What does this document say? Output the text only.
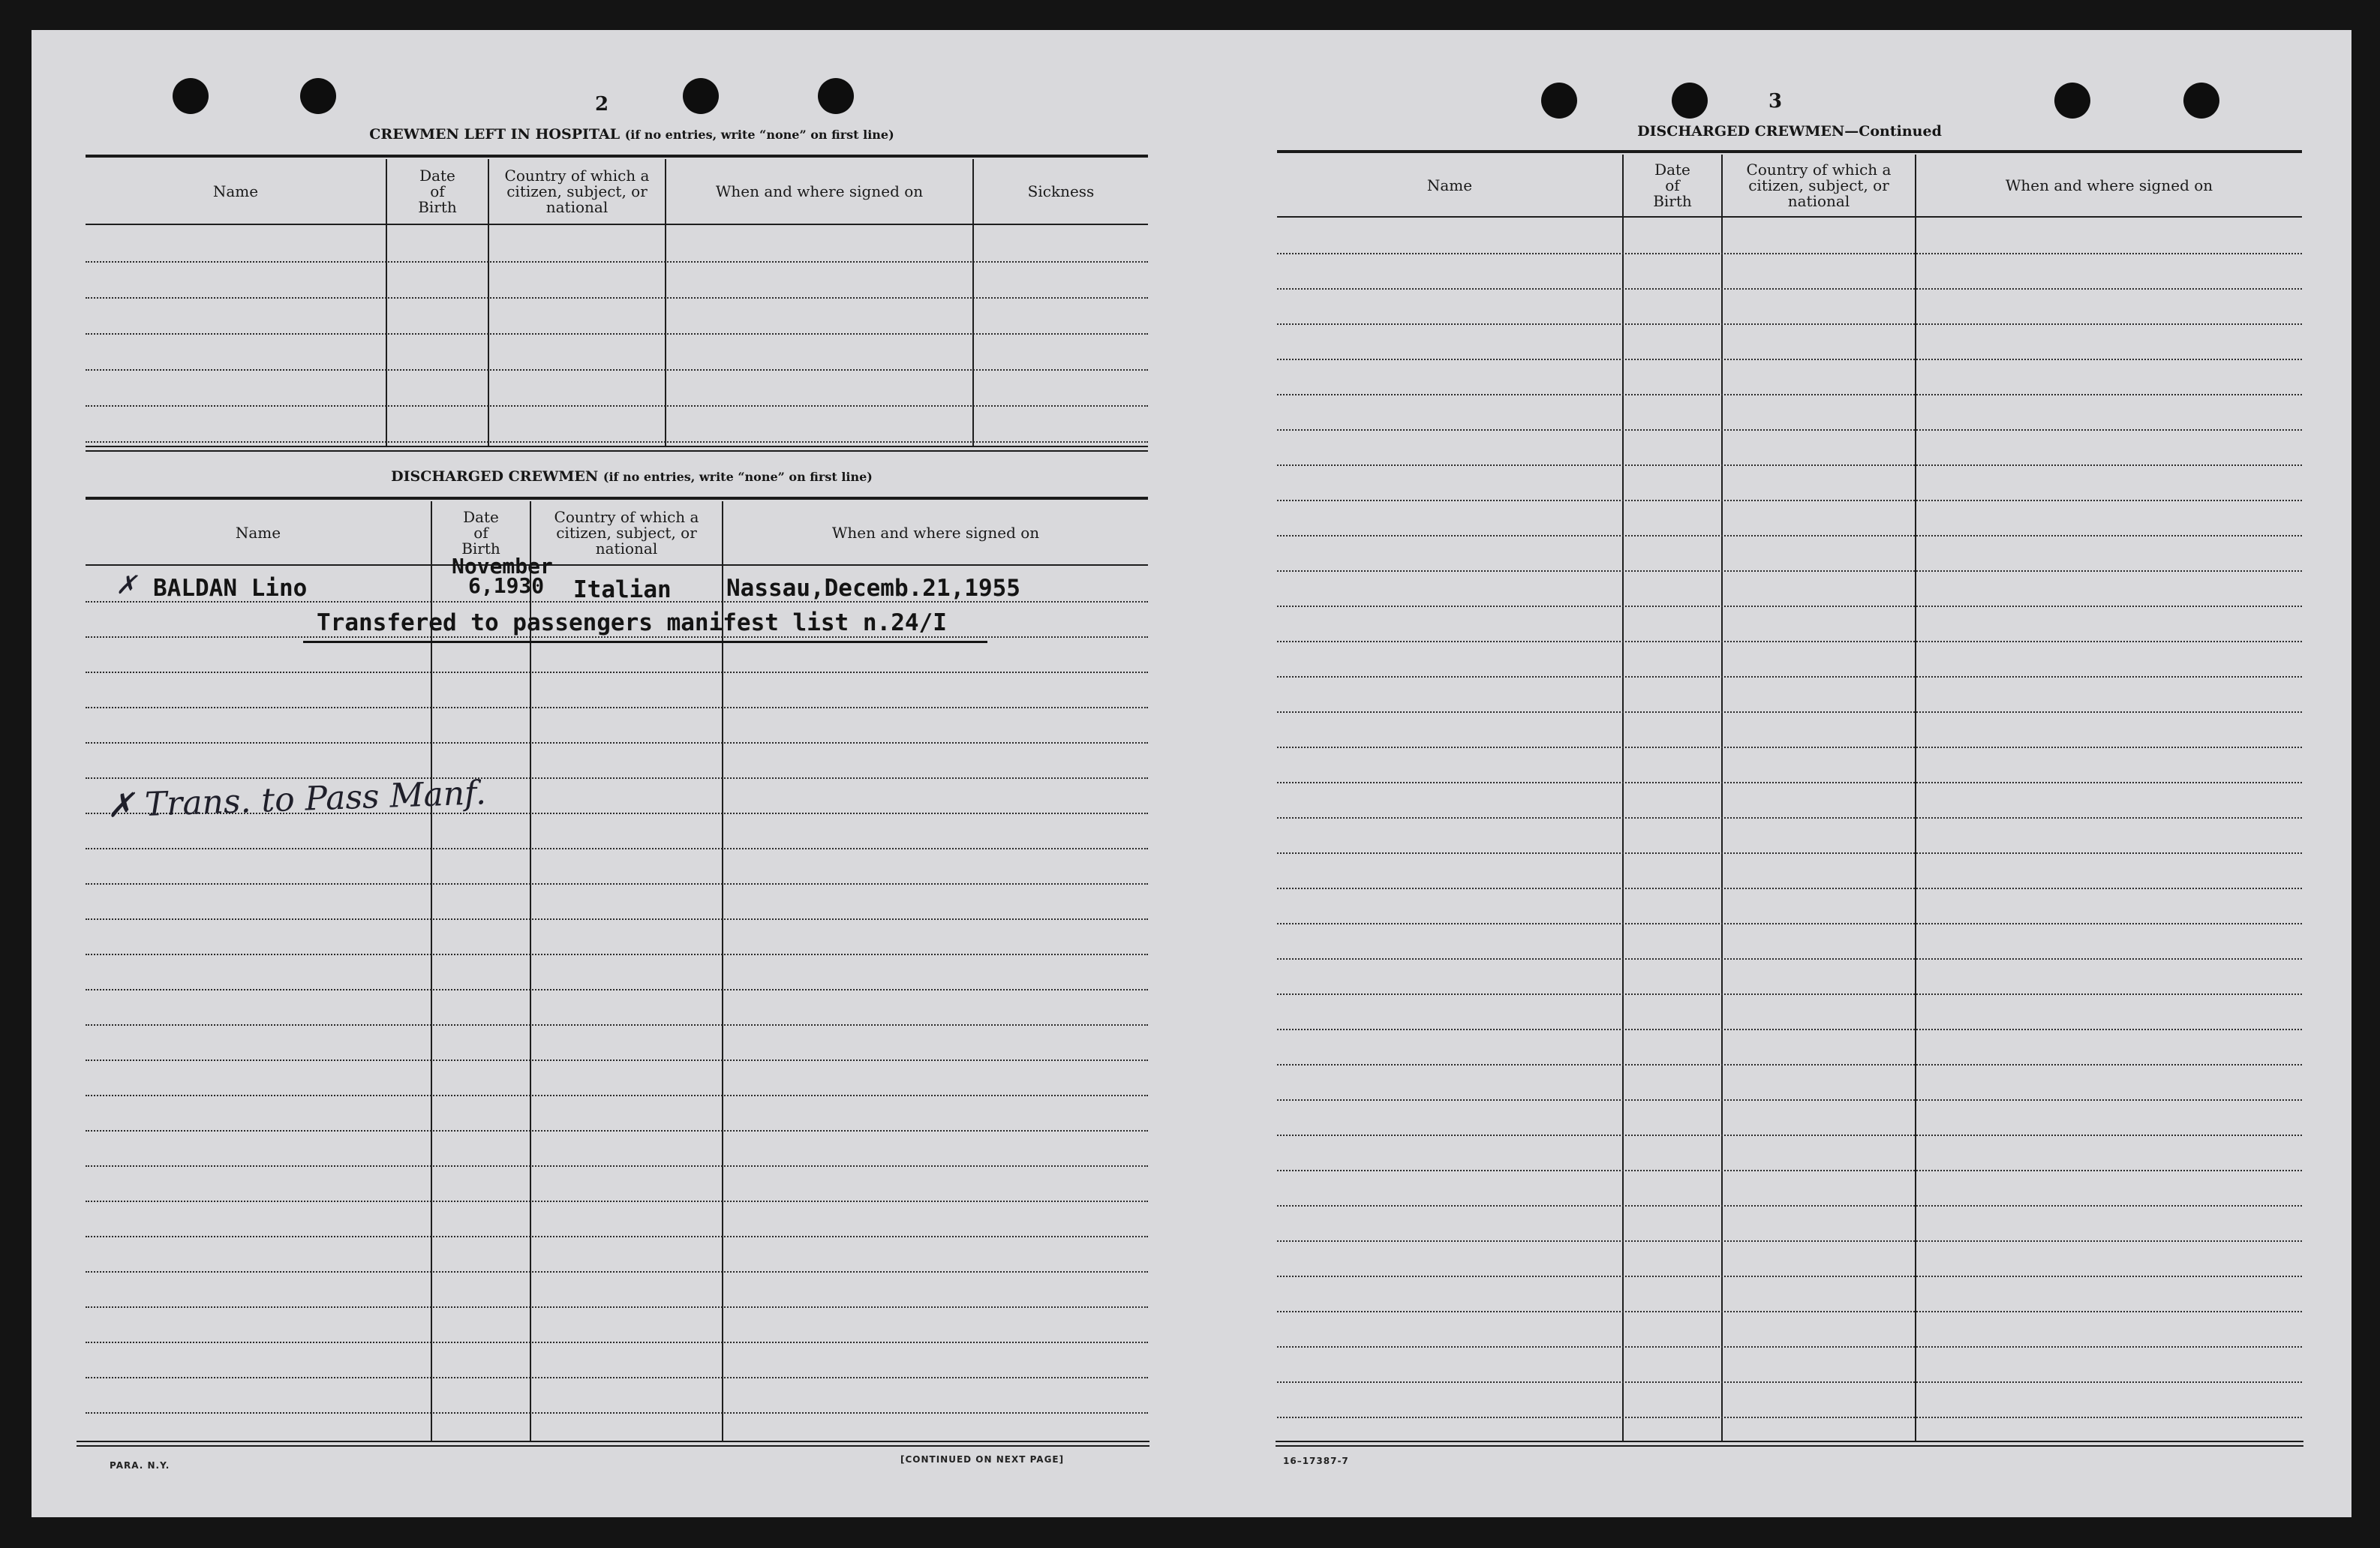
2
CREWMEN LEFT IN HOSPITAL (if no entries, write “none” on first line)
Name
Date
of
Birth
Country of which a
citizen, subject, or
national
When and where signed on	Sickness
DISCHARGED CREWMEN (if no entries, write “none” on first line)
Name
Date
of
Birth
Country of which a
citizen, subject, or
national
When and where signed on
✗ BALDAN Lino
November
6,1930 Italian Nassau,Decemb.21,1955
Transfered to passengers manifest list n.24/I
✗ Trans. to Pass Manf.
PARA. N.Y.
[CONTINUED ON NEXT PAGE]
3
DISCHARGED CREWMEN—Continued
Name
Date
of
Birth
Country of which a
citizen, subject, or
national
When and where signed on
16–17387-7
